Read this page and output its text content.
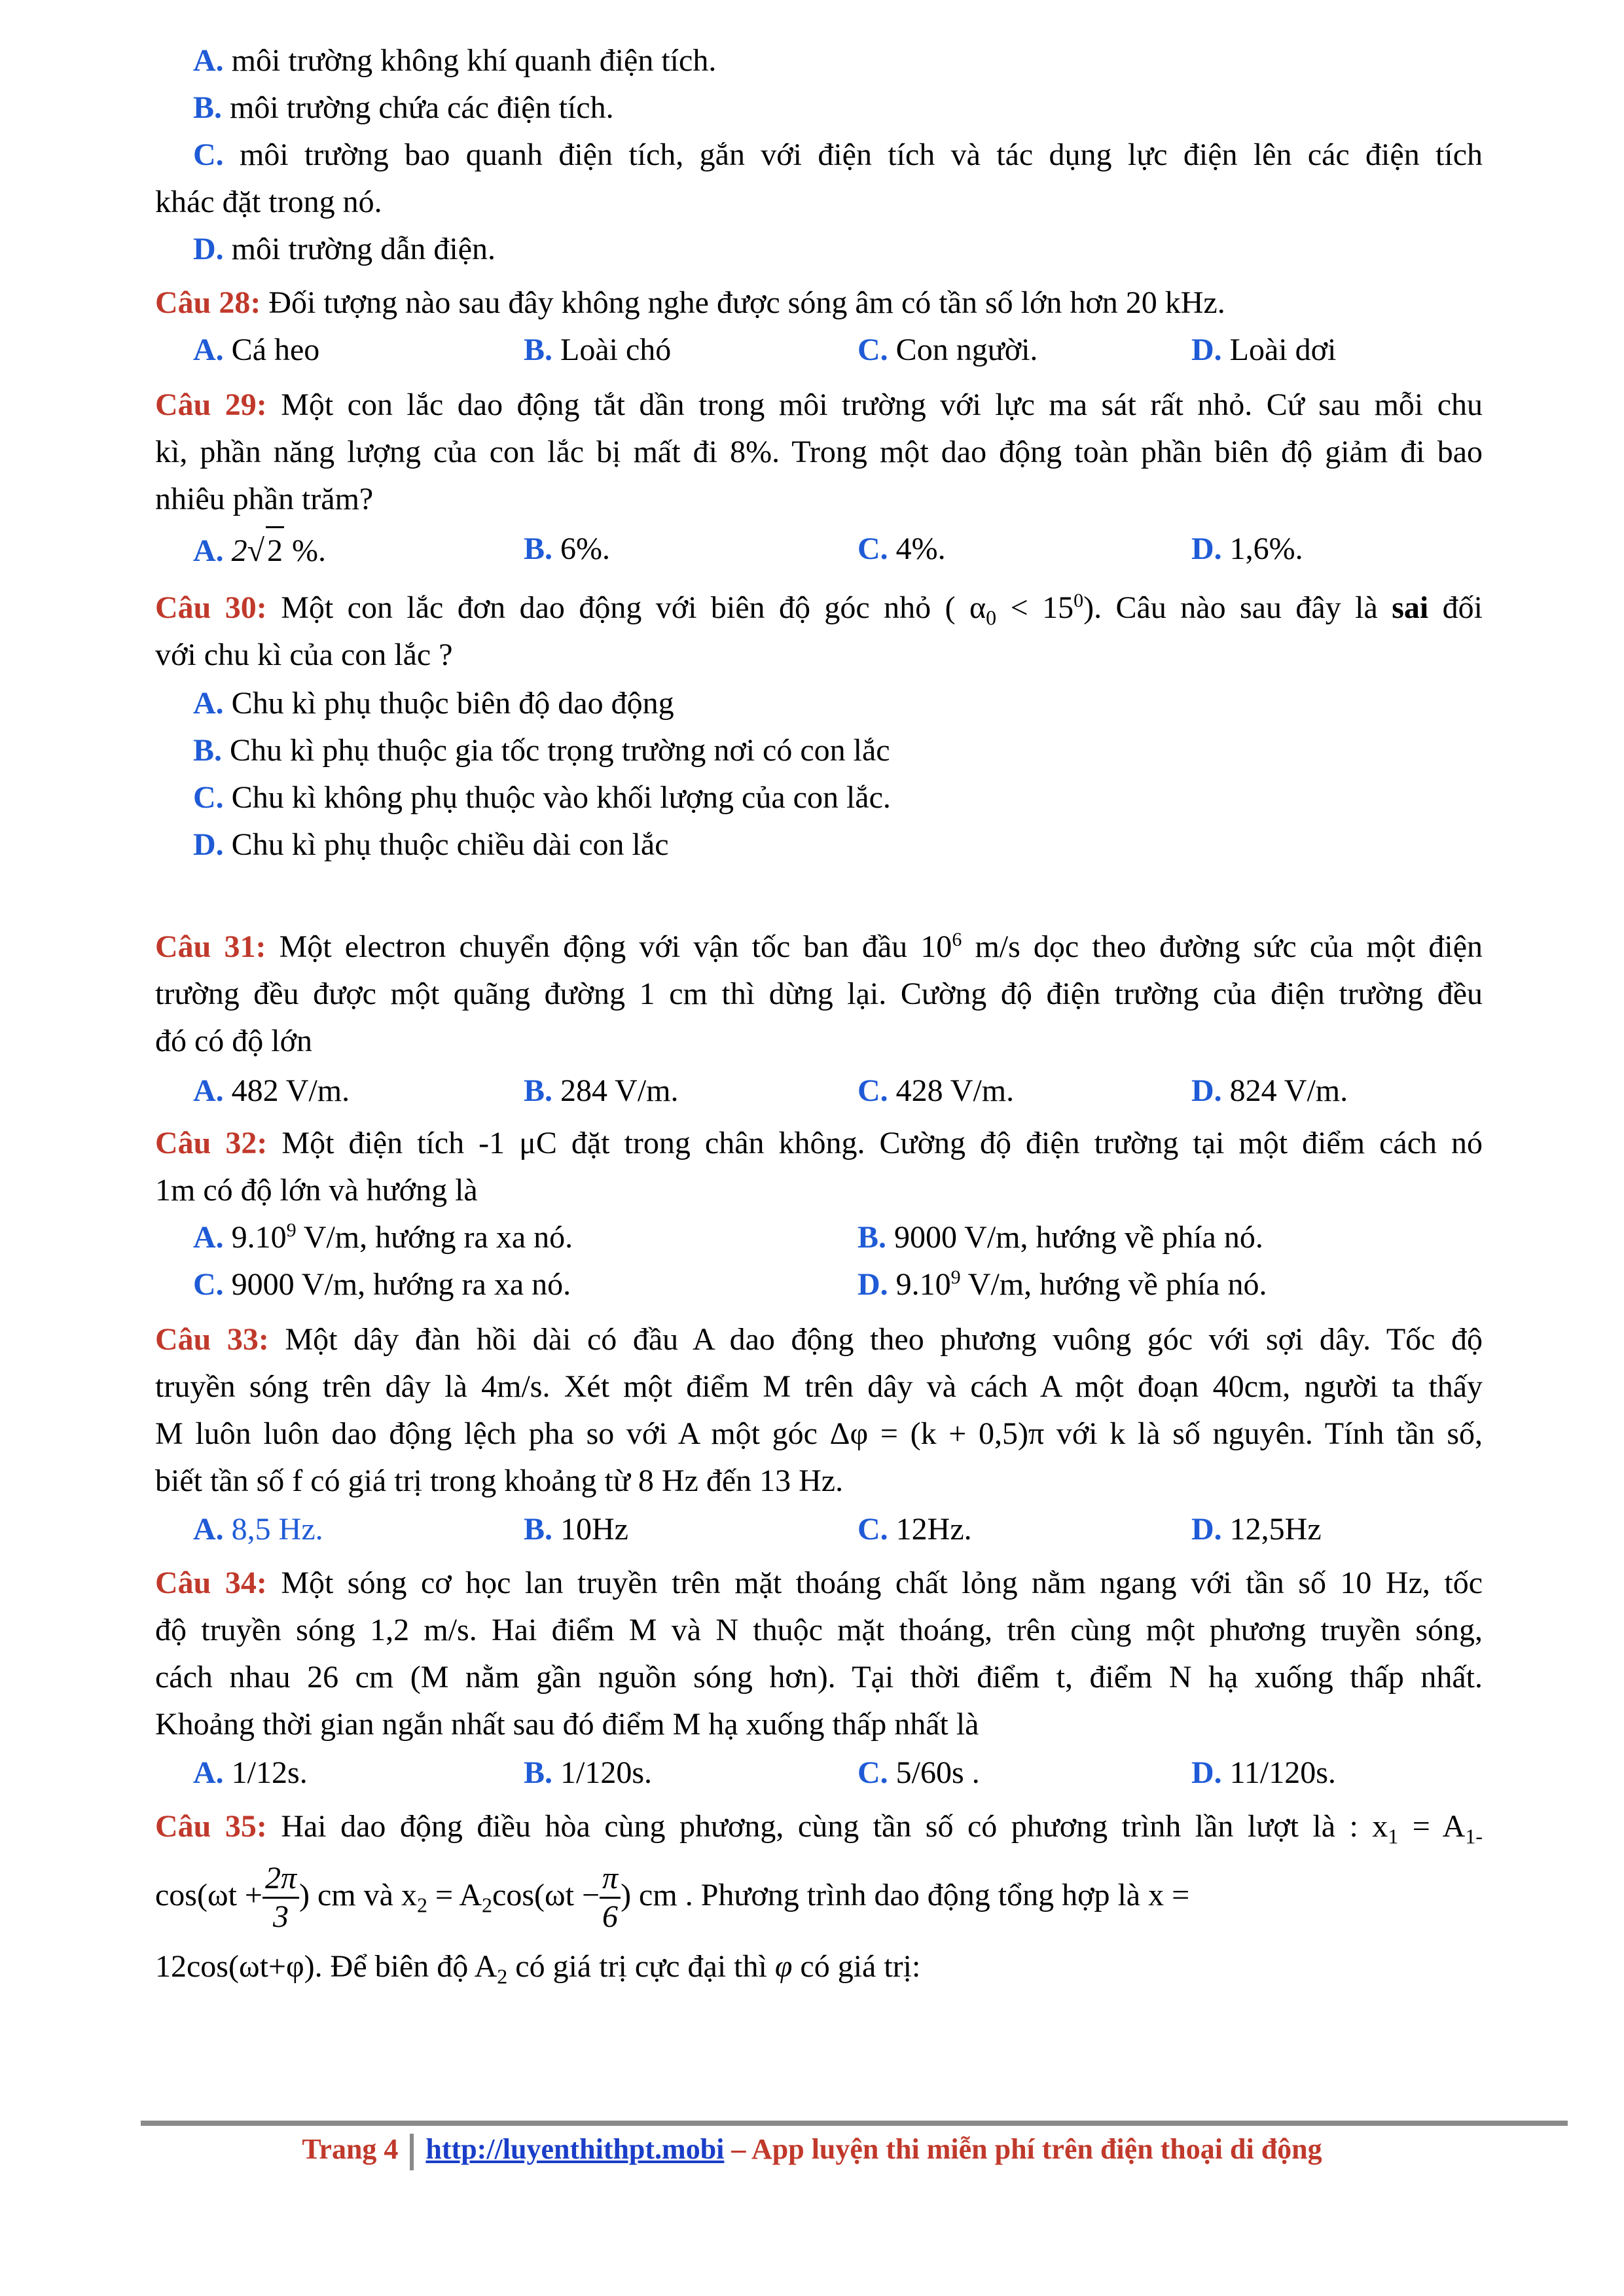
A. môi trường không khí quanh điện tích.
B. môi trường chứa các điện tích.
C. môi trường bao quanh điện tích, gắn với điện tích và tác dụng lực điện lên các điện tích
khác đặt trong nó.
D. môi trường dẫn điện.
Câu 28: Đối tượng nào sau đây không nghe được sóng âm có tần số lớn hơn 20 kHz.
A. Cá heo	B. Loài chó	C. Con người.	D. Loài dơi
Câu 29: Một con lắc dao động tắt dần trong môi trường với lực ma sát rất nhỏ. Cứ sau mỗi chu
kì, phần năng lượng của con lắc bị mất đi 8%. Trong một dao động toàn phần biên độ giảm đi bao
nhiêu phần trăm?
A. 2√2 %.	B. 6%.	C. 4%.	D. 1,6%.
Câu 30: Một con lắc đơn dao động với biên độ góc nhỏ ( $\alpha_0 < 15^0$). Câu nào sau đây là sai đối
với chu kì của con lắc ?
A. Chu kì phụ thuộc biên độ dao động
B. Chu kì phụ thuộc gia tốc trọng trường nơi có con lắc
C. Chu kì không phụ thuộc vào khối lượng của con lắc.
D. Chu kì phụ thuộc chiều dài con lắc
Câu 31: Một electron chuyển động với vận tốc ban đầu $10^6$ m/s dọc theo đường sức của một điện
trường đều được một quãng đường 1 cm thì dừng lại. Cường độ điện trường của điện trường đều
đó có độ lớn
A. 482 V/m.	B. 284 V/m.	C. 428 V/m.	D. 824 V/m.
Câu 32: Một điện tích -1 μC đặt trong chân không. Cường độ điện trường tại một điểm cách nó
1m có độ lớn và hướng là
A. 9.10$^9$ V/m, hướng ra xa nó.	B. 9000 V/m, hướng về phía nó.
C. 9000 V/m, hướng ra xa nó.	D. 9.10$^9$ V/m, hướng về phía nó.
Câu 33: Một dây đàn hồi dài có đầu A dao động theo phương vuông góc với sợi dây. Tốc độ
truyền sóng trên dây là 4m/s. Xét một điểm M trên dây và cách A một đoạn 40cm, người ta thấy
M luôn luôn dao động lệch pha so với A một góc Δφ = (k + 0,5)π với k là số nguyên. Tính tần số,
biết tần số f có giá trị trong khoảng từ 8 Hz đến 13 Hz.
A. 8,5 Hz.	B. 10Hz	C. 12Hz.	D. 12,5Hz
Câu 34: Một sóng cơ học lan truyền trên mặt thoáng chất lỏng nằm ngang với tần số 10 Hz, tốc
độ truyền sóng 1,2 m/s. Hai điểm M và N thuộc mặt thoáng, trên cùng một phương truyền sóng,
cách nhau 26 cm (M nằm gần nguồn sóng hơn). Tại thời điểm t, điểm N hạ xuống thấp nhất.
Khoảng thời gian ngắn nhất sau đó điểm M hạ xuống thấp nhất là
A. 1/12s.	B. 1/120s.	C. 5/60s .	D. 11/120s.
Câu 35: Hai dao động điều hòa cùng phương, cùng tần số có phương trình lần lượt là : $x_1 = A_{1-}$
$\cos(\omega t + \frac{2\pi}{3}$ ) cm và $x_2 = A_2\cos(\omega t - \frac{\pi}{6}$ ) cm . Phương trình dao động tổng hợp là x =
12cos(ωt+φ). Để biên độ $A_2$ có giá trị cực đại thì φ có giá trị:
Trang 4 http://luyenthithpt.mobi – App luyện thi miễn phí trên điện thoại di động
